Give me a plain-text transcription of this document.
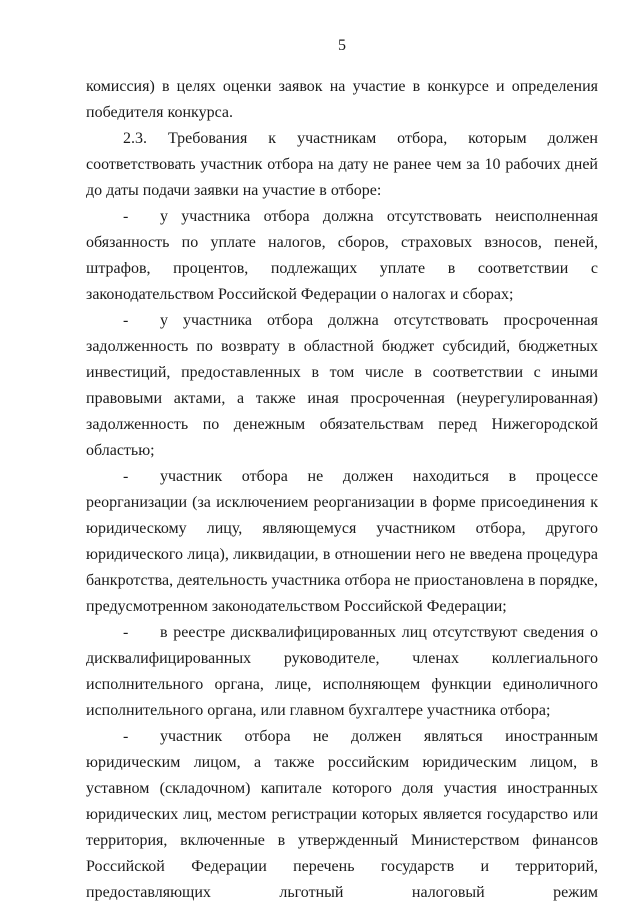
5

комиссия) в целях оценки заявок на участие в конкурсе и определения победителя конкурса.

2.3. Требования к участникам отбора, которым должен соответствовать участник отбора на дату не ранее чем за 10 рабочих дней до даты подачи заявки на участие в отборе:

- у участника отбора должна отсутствовать неисполненная обязанность по уплате налогов, сборов, страховых взносов, пеней, штрафов, процентов, подлежащих уплате в соответствии с законодательством Российской Федерации о налогах и сборах;

- у участника отбора должна отсутствовать просроченная задолженность по возврату в областной бюджет субсидий, бюджетных инвестиций, предоставленных в том числе в соответствии с иными правовыми актами, а также иная просроченная (неурегулированная) задолженность по денежным обязательствам перед Нижегородской областью;

- участник отбора не должен находиться в процессе реорганизации (за исключением реорганизации в форме присоединения к юридическому лицу, являющемуся участником отбора, другого юридического лица), ликвидации, в отношении него не введена процедура банкротства, деятельность участника отбора не приостановлена в порядке, предусмотренном законодательством Российской Федерации;

- в реестре дисквалифицированных лиц отсутствуют сведения о дисквалифицированных руководителе, членах коллегиального исполнительного органа, лице, исполняющем функции единоличного исполнительного органа, или главном бухгалтере участника отбора;

- участник отбора не должен являться иностранным юридическим лицом, а также российским юридическим лицом, в уставном (складочном) капитале которого доля участия иностранных юридических лиц, местом регистрации которых является государство или территория, включенные в утвержденный Министерством финансов Российской Федерации перечень государств и территорий, предоставляющих льготный налоговый режим
